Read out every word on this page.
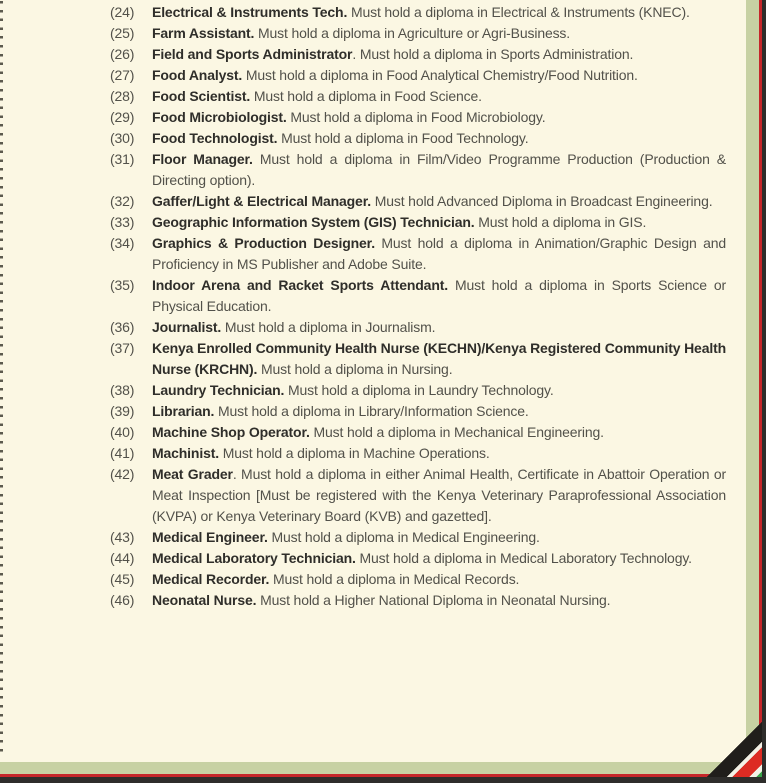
(24)	Electrical & Instruments Tech. Must hold a diploma in Electrical & Instruments (KNEC).
(25)	Farm Assistant. Must hold a diploma in Agriculture or Agri-Business.
(26)	Field and Sports Administrator. Must hold a diploma in Sports Administration.
(27)	Food Analyst. Must hold a diploma in Food Analytical Chemistry/Food Nutrition.
(28)	Food Scientist. Must hold a diploma in Food Science.
(29)	Food Microbiologist. Must hold a diploma in Food Microbiology.
(30)	Food Technologist. Must hold a diploma in Food Technology.
(31)	Floor Manager. Must hold a diploma in Film/Video Programme Production (Production & Directing option).
(32)	Gaffer/Light & Electrical Manager. Must hold Advanced Diploma in Broadcast Engineering.
(33)	Geographic Information System (GIS) Technician. Must hold a diploma in GIS.
(34)	Graphics & Production Designer. Must hold a diploma in Animation/Graphic Design and Proficiency in MS Publisher and Adobe Suite.
(35)	Indoor Arena and Racket Sports Attendant. Must hold a diploma in Sports Science or Physical Education.
(36)	Journalist. Must hold a diploma in Journalism.
(37)	Kenya Enrolled Community Health Nurse (KECHN)/Kenya Registered Community Health Nurse (KRCHN). Must hold a diploma in Nursing.
(38)	Laundry Technician. Must hold a diploma in Laundry Technology.
(39)	Librarian. Must hold a diploma in Library/Information Science.
(40)	Machine Shop Operator. Must hold a diploma in Mechanical Engineering.
(41)	Machinist. Must hold a diploma in Machine Operations.
(42)	Meat Grader. Must hold a diploma in either Animal Health, Certificate in Abattoir Operation or Meat Inspection [Must be registered with the Kenya Veterinary Paraprofessional Association (KVPA) or Kenya Veterinary Board (KVB) and gazetted].
(43)	Medical Engineer. Must hold a diploma in Medical Engineering.
(44)	Medical Laboratory Technician. Must hold a diploma in Medical Laboratory Technology.
(45)	Medical Recorder. Must hold a diploma in Medical Records.
(46)	Neonatal Nurse. Must hold a Higher National Diploma in Neonatal Nursing.
